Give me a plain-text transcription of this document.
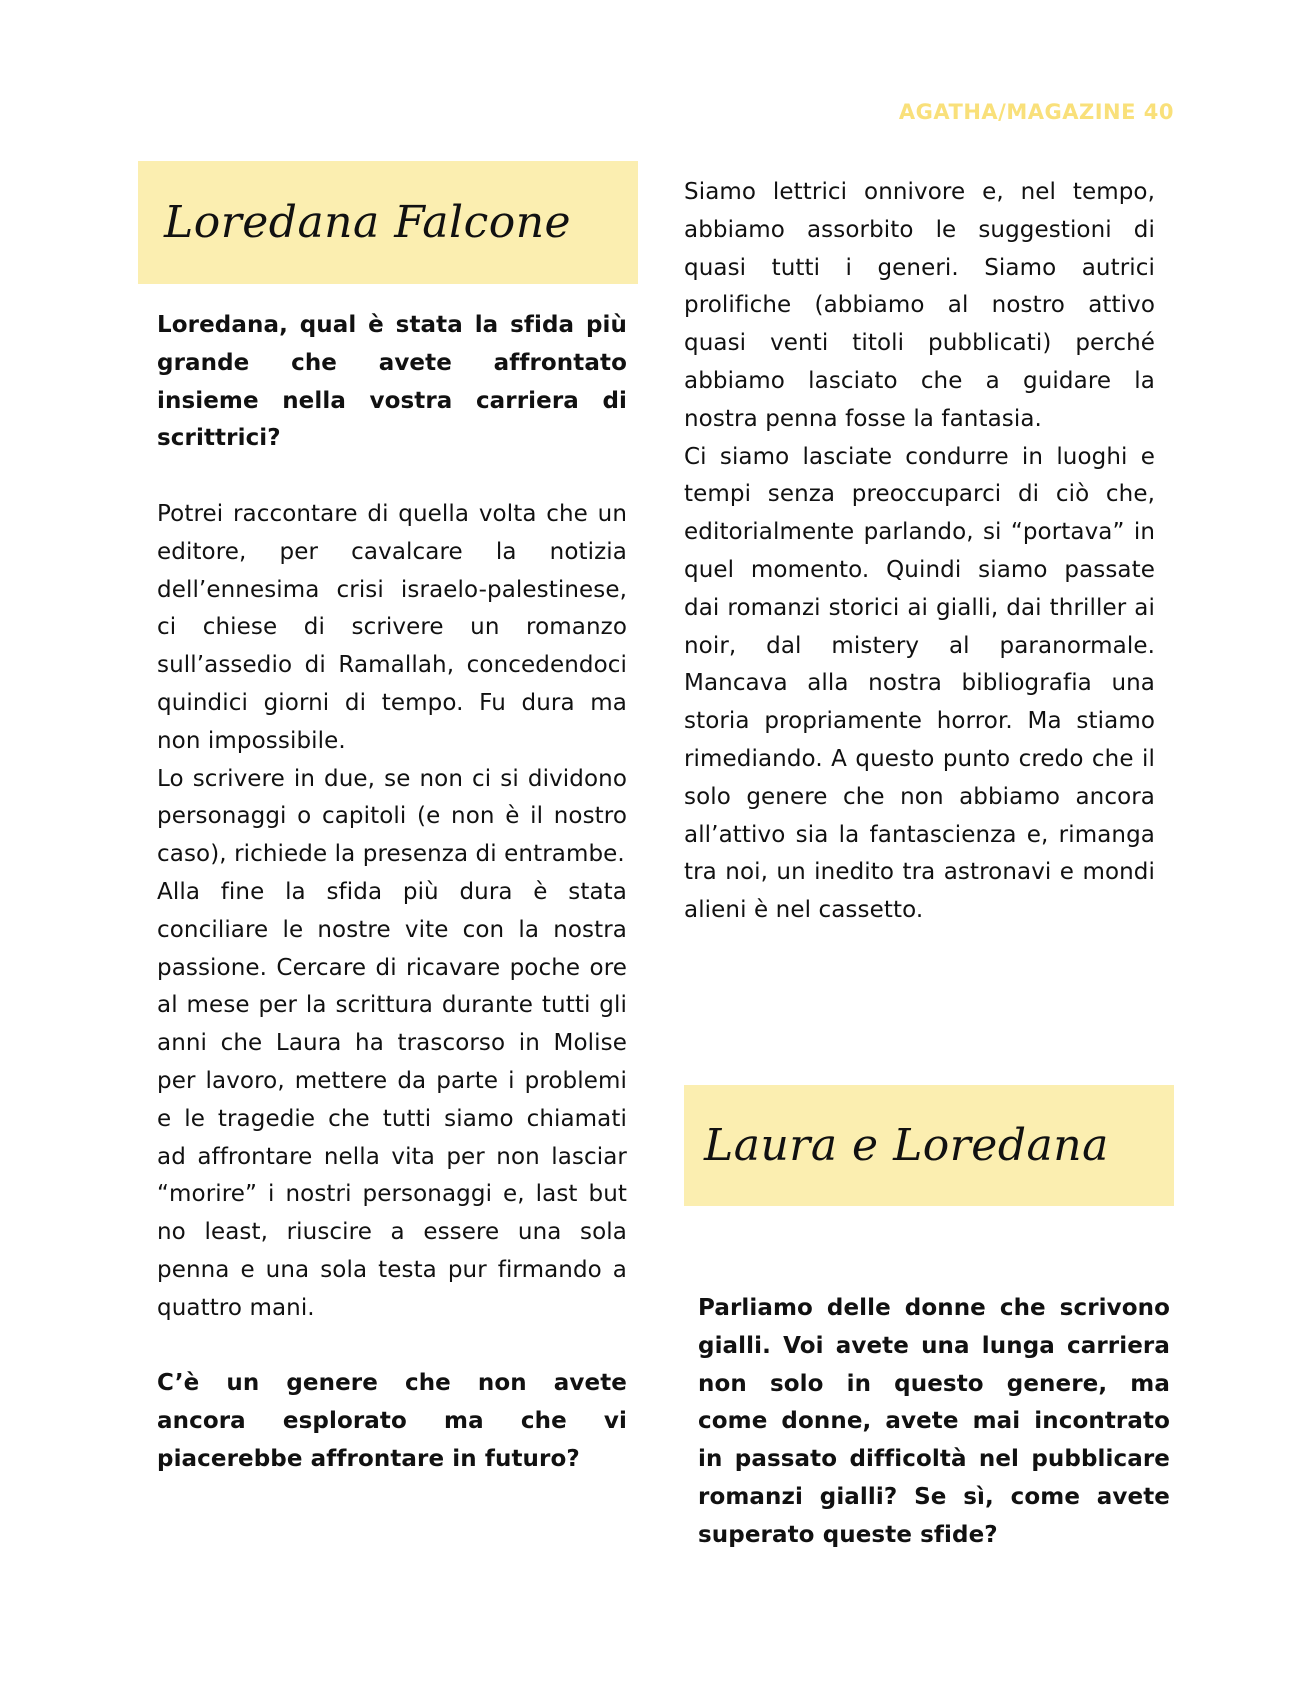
AGATHA/MAGAZINE 40
Loredana Falcone

Loredana, qual è stata la sfida più grande che avete affrontato insieme nella vostra carriera di scrittrici?

Potrei raccontare di quella volta che un editore, per cavalcare la notizia dell’ennesima crisi israelo-palestinese, ci chiese di scrivere un romanzo sull’assedio di Ramallah, concedendoci quindici giorni di tempo. Fu dura ma non impossibile.

Lo scrivere in due, se non ci si dividono personaggi o capitoli (e non è il nostro caso), richiede la presenza di entrambe.

Alla fine la sfida più dura è stata conciliare le nostre vite con la nostra passione. Cercare di ricavare poche ore al mese per la scrittura durante tutti gli anni che Laura ha trascorso in Molise per lavoro, mettere da parte i problemi e le tragedie che tutti siamo chiamati ad affrontare nella vita per non lasciar “morire” i nostri personaggi e, last but no least, riuscire a essere una sola penna e una sola testa pur firmando a quattro mani.

C’è un genere che non avete ancora esplorato ma che vi piacerebbe affrontare in futuro?

Siamo lettrici onnivore e, nel tempo, abbiamo assorbito le suggestioni di quasi tutti i generi. Siamo autrici prolifiche (abbiamo al nostro attivo quasi venti titoli pubblicati) perché abbiamo lasciato che a guidare la nostra penna fosse la fantasia.

Ci siamo lasciate condurre in luoghi e tempi senza preoccuparci di ciò che, editorialmente parlando, si “portava” in quel momento. Quindi siamo passate dai romanzi storici ai gialli, dai thriller ai noir, dal mistery al paranormale. Mancava alla nostra bibliografia una storia propriamente horror. Ma stiamo rimediando. A questo punto credo che il solo genere che non abbiamo ancora all’attivo sia la fantascienza e, rimanga tra noi, un inedito tra astronavi e mondi alieni è nel cassetto.

Laura e Loredana

Parliamo delle donne che scrivono gialli. Voi avete una lunga carriera non solo in questo genere, ma come donne, avete mai incontrato in passato difficoltà nel pubblicare romanzi gialli? Se sì, come avete superato queste sfide?
